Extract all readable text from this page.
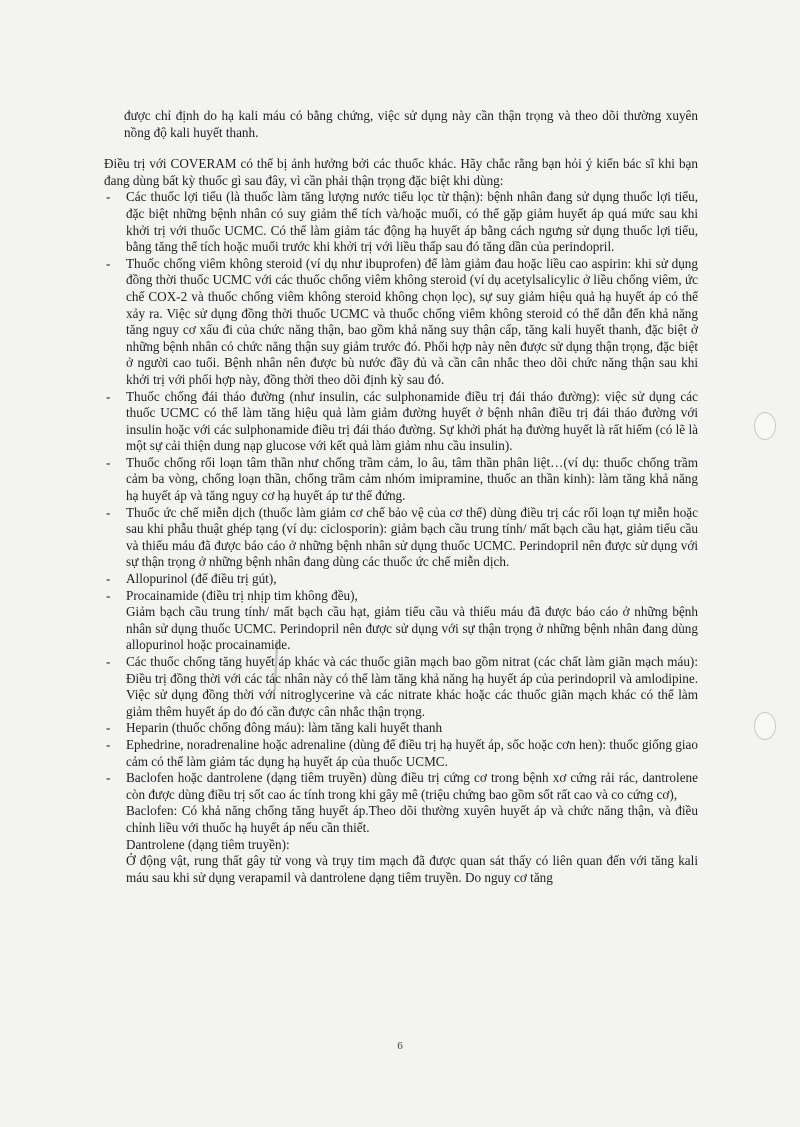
được chỉ định do hạ kali máu có bằng chứng, việc sử dụng này cần thận trọng và theo dõi thường xuyên nồng độ kali huyết thanh.

Điều trị với COVERAM có thể bị ảnh hưởng bởi các thuốc khác. Hãy chắc rằng bạn hỏi ý kiến bác sĩ khi bạn đang dùng bất kỳ thuốc gì sau đây, vì cần phải thận trọng đặc biệt khi dùng:

- Các thuốc lợi tiểu (là thuốc làm tăng lượng nước tiểu lọc từ thận): bệnh nhân đang sử dụng thuốc lợi tiểu, đặc biệt những bệnh nhân có suy giảm thể tích và/hoặc muối, có thể gặp giảm huyết áp quá mức sau khi khởi trị với thuốc UCMC. Có thể làm giảm tác động hạ huyết áp bằng cách ngưng sử dụng thuốc lợi tiểu, bằng tăng thể tích hoặc muối trước khi khởi trị với liều thấp sau đó tăng dần của perindopril.
- Thuốc chống viêm không steroid (ví dụ như ibuprofen) để làm giảm đau hoặc liều cao aspirin: khi sử dụng đồng thời thuốc UCMC với các thuốc chống viêm không steroid (ví dụ acetylsalicylic ở liều chống viêm, ức chế COX-2 và thuốc chống viêm không steroid không chọn lọc), sự suy giảm hiệu quả hạ huyết áp có thể xảy ra. Việc sử dụng đồng thời thuốc UCMC và thuốc chống viêm không steroid có thể dẫn đến khả năng tăng nguy cơ xấu đi của chức năng thận, bao gồm khả năng suy thận cấp, tăng kali huyết thanh, đặc biệt ở những bệnh nhân có chức năng thận suy giảm trước đó. Phối hợp này nên được sử dụng thận trọng, đặc biệt ở người cao tuổi. Bệnh nhân nên được bù nước đầy đủ và cần cân nhắc theo dõi chức năng thận sau khi khởi trị với phối hợp này, đồng thời theo dõi định kỳ sau đó.
- Thuốc chống đái tháo đường (như insulin, các sulphonamide điều trị đái tháo đường): việc sử dụng các thuốc UCMC có thể làm tăng hiệu quả làm giảm đường huyết ở bệnh nhân điều trị đái tháo đường với insulin hoặc với các sulphonamide điều trị đái tháo đường. Sự khởi phát hạ đường huyết là rất hiếm (có lẽ là một sự cải thiện dung nạp glucose với kết quả làm giảm nhu cầu insulin).
- Thuốc chống rối loạn tâm thần như chống trầm cảm, lo âu, tâm thần phân liệt…(ví dụ: thuốc chống trầm cảm ba vòng, chống loạn thần, chống trầm cảm nhóm imipramine, thuốc an thần kinh): làm tăng khả năng hạ huyết áp và tăng nguy cơ hạ huyết áp tư thế đứng.
- Thuốc ức chế miễn dịch (thuốc làm giảm cơ chế bảo vệ của cơ thể) dùng điều trị các rối loạn tự miễn hoặc sau khi phẫu thuật ghép tạng (ví dụ: ciclosporin): giảm bạch cầu trung tính/ mất bạch cầu hạt, giảm tiểu cầu và thiếu máu đã được báo cáo ở những bệnh nhân sử dụng thuốc UCMC. Perindopril nên được sử dụng với sự thận trọng ở những bệnh nhân đang dùng các thuốc ức chế miễn dịch.
- Allopurinol (để điều trị gút),
- Procainamide (điều trị nhịp tim không đều),

Giảm bạch cầu trung tính/ mất bạch cầu hạt, giảm tiểu cầu và thiếu máu đã được báo cáo ở những bệnh nhân sử dụng thuốc UCMC. Perindopril nên được sử dụng với sự thận trọng ở những bệnh nhân đang dùng allopurinol hoặc procainamide.

- Các thuốc chống tăng huyết áp khác và các thuốc giãn mạch bao gồm nitrat (các chất làm giãn mạch máu): Điều trị đồng thời với các tác nhân này có thể làm tăng khả năng hạ huyết áp của perindopril và amlodipine. Việc sử dụng đồng thời với nitroglycerine và các nitrate khác hoặc các thuốc giãn mạch khác có thể làm giảm thêm huyết áp do đó cần được cân nhắc thận trọng.
- Heparin (thuốc chống đông máu): làm tăng kali huyết thanh
- Ephedrine, noradrenaline hoặc adrenaline (dùng để điều trị hạ huyết áp, sốc hoặc cơn hen): thuốc giống giao cảm có thể làm giảm tác dụng hạ huyết áp của thuốc UCMC.
- Baclofen hoặc dantrolene (dạng tiêm truyền) dùng điều trị cứng cơ trong bệnh xơ cứng rải rác, dantrolene còn được dùng điều trị sốt cao ác tính trong khi gây mê (triệu chứng bao gồm sốt rất cao và co cứng cơ),

Baclofen: Có khả năng chống tăng huyết áp.Theo dõi thường xuyên huyết áp và chức năng thận, và điều chỉnh liều với thuốc hạ huyết áp nếu cần thiết.

Dantrolene (dạng tiêm truyền):

Ở động vật, rung thất gây tử vong và trụy tim mạch đã được quan sát thấy có liên quan đến với tăng kali máu sau khi sử dụng verapamil và dantrolene dạng tiêm truyền. Do nguy cơ tăng

6
